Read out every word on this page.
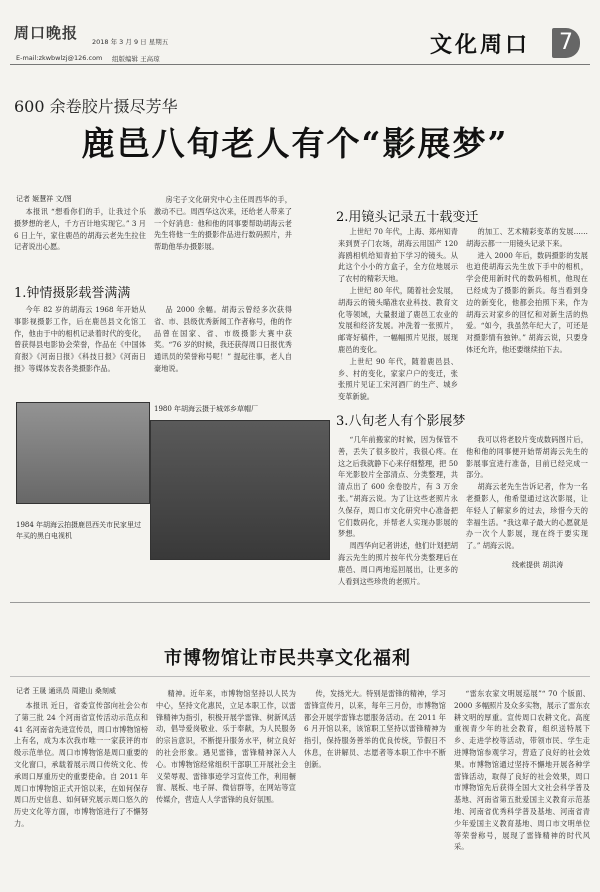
周口晚报 2018 年 3 月 9 日 星期五
E-mail:zkwbwlzj@126.com 组版编辑 王高琼
文化周口	7
600 余卷胶片摄尽芳华
鹿邑八旬老人有个“影展梦”
记者 姬慧祥 文/图

本报讯 “想看你们的手，让我过个乐摄梦想的老人，千方百计地实现它。” 3 月 6 日上午，家住鹿邑的胡海云老先生拉住记者说出心愿。

1.钟情摄影载誉满满

今年 82 岁的胡海云 1968 年开始从事影视摄影工作，后在鹿邑县文化馆工作，他由于中的相机记录着时代的变化，曾获得县电影协会荣誉，作品在《中国体育报》《河南日报》《科技日报》《河南日报》等媒体发表各类摄影作品。

房宅子文化研究中心主任周西华的手，激动不已。周西华这次来，还给老人带来了一个好消息：他和他的同事要帮助胡海云老先生将他一生的摄影作品进行数码照片，并帮助他举办摄影展。

品 2000 余幅。胡海云曾经多次获得省、市、县级优秀新闻工作者称号，他的作品曾在国家、省、市级摄影大赛中获奖。“76 岁的时候，我还获得周口日报优秀通讯员的荣誉称号呢！” 提起往事，老人自豪地说。

2.用镜头记录五十载变迁

上世纪 70 年代，上海、郑州知青来到贾子门农场，胡海云用国产 120 海鸥相机给知青拍下学习的镜头。从此这个小小的方盒子，全方位地展示了农村的精彩天地。

上世纪 80 年代，随着社会发展，胡海云的镜头瞄准农业科技、教育文化等领域，大量报道了鹿邑工农业的发展和经济发展。冲洗着一张照片，邮寄好稿件，一幅幅照片见报，展现鹿邑的变化。

上世纪 90 年代，随着鹿邑县、乡、村的变化，家家户户的变迁，张张照片见证工宋河酒厂的生产、城乡变革新貌。

3.八旬老人有个影展梦

“几年前搬家的时候，因为保管不善，丢失了很多胶片，我很心疼。在这之后我就静下心来仔细整理，把 50 年光影胶片全部清点、分类整理，共清点出了 600 余卷胶片，有 3 万余张。”胡海云说。为了让这些老照片永久保存，周口市文化研究中心准备把它们数码化，并帮老人实现办影展的梦想。

周西华向记者讲述，他们计划把胡海云先生的照片按年代分类整理后在鹿邑、周口两地巡回展出，让更多的人看到这些珍贵的老照片。

的加工、艺术精彩变革的发展……胡海云都一一用镜头记录下来。

进入 2000 年后，数码摄影的发展也迫使胡海云先生放下手中的相机，学会使用新时代的数码相机，他现在已经成为了摄影的新兵。每当看到身边的新变化，他都会拍照下来，作为胡海云对家乡的回忆和对新生活的热爱。“如今，我虽然年纪大了，可还是对摄影情有独钟。” 胡海云说，只要身体还允许，他还要继续拍下去。

我可以将老胶片变成数码图片后，他和他的同事便开始帮胡海云先生的影展事宜进行准备，目前已经完成一部分。

胡海云老先生告诉记者，作为一名老摄影人，他希望通过这次影展，让年轻人了解家乡的过去，珍惜今天的幸福生活。“我这辈子最大的心愿就是办一次个人影展，现在终于要实现了。” 胡海云说。

线索提供 胡洪涛
1980 年胡海云摄于城郊乡草帽厂
1984 年胡海云拍摄鹿邑西关市民家里过年买的黑白电视机
市博物馆让市民共享文化福利
记者 王晟 通讯员 周建山 桑刻威

本报讯 近日，省委宣传部向社会公布了第三批 24 个河南省宣传活动示范点和 41 名河南省先进宣传员，周口市博物馆榜上有名，成为本次我市唯一一家获评的市级示范单位。周口市博物馆是周口重要的文化窗口，承载着展示周口传统文化、传承周口厚重历史的重要使命。自 2011 年周口市博物馆正式开馆以来，在如何保存周口历史信息、如何研究展示周口悠久的历史文化等方面，市博物馆进行了不懈努力。

精神。近年来，市博物馆坚持以人民为中心，坚持文化惠民，立足本职工作，以雷锋精神为指引，积极开展学雷锋、树新风活动，倡导爱岗敬业、乐于奉献，为人民服务的宗旨意识，不断提升服务水平，树立良好的社会形象。遇见雷锋，雷锋精神深入人心。市博物馆经常组织干部职工开展社会主义荣辱观、雷锋事迹学习宣传工作，利用橱窗、展板、电子屏、微信群等，在网站等宣传媒介，营造人人学雷锋的良好氛围。

传，发扬光大。特别是雷锋的精神，学习雷锋宣传月，以来，每年三月份，市博物馆都会开展学雷锋志愿服务活动。在 2011 年 6 月开馆以来，该馆职工坚持以雷锋精神为指引，保持服务善举的优良传统，节假日不休息，在讲解员、志愿者等本职工作中不断创新。

“雷东农家文明展巡展”“ 70 个版面、2000 多幅照片及众多实物，展示了雷东农耕文明的厚重。宣传周口农耕文化。高度重视青少年的社会教育，组织送特展下乡、走进学校等活动，带领市民、学生走进博物馆参观学习，营造了良好的社会效果。市博物馆通过坚持不懈地开展各种学雷锋活动，取得了良好的社会效果，周口市博物馆先后获得全国大文社会科学普及基地、河南省第五批爱国主义教育示范基地、河南省优秀科学普及基地、河南省青少年爱国主义教育基地、周口市文明单位等荣誉称号，展现了雷锋精神的时代风采。
